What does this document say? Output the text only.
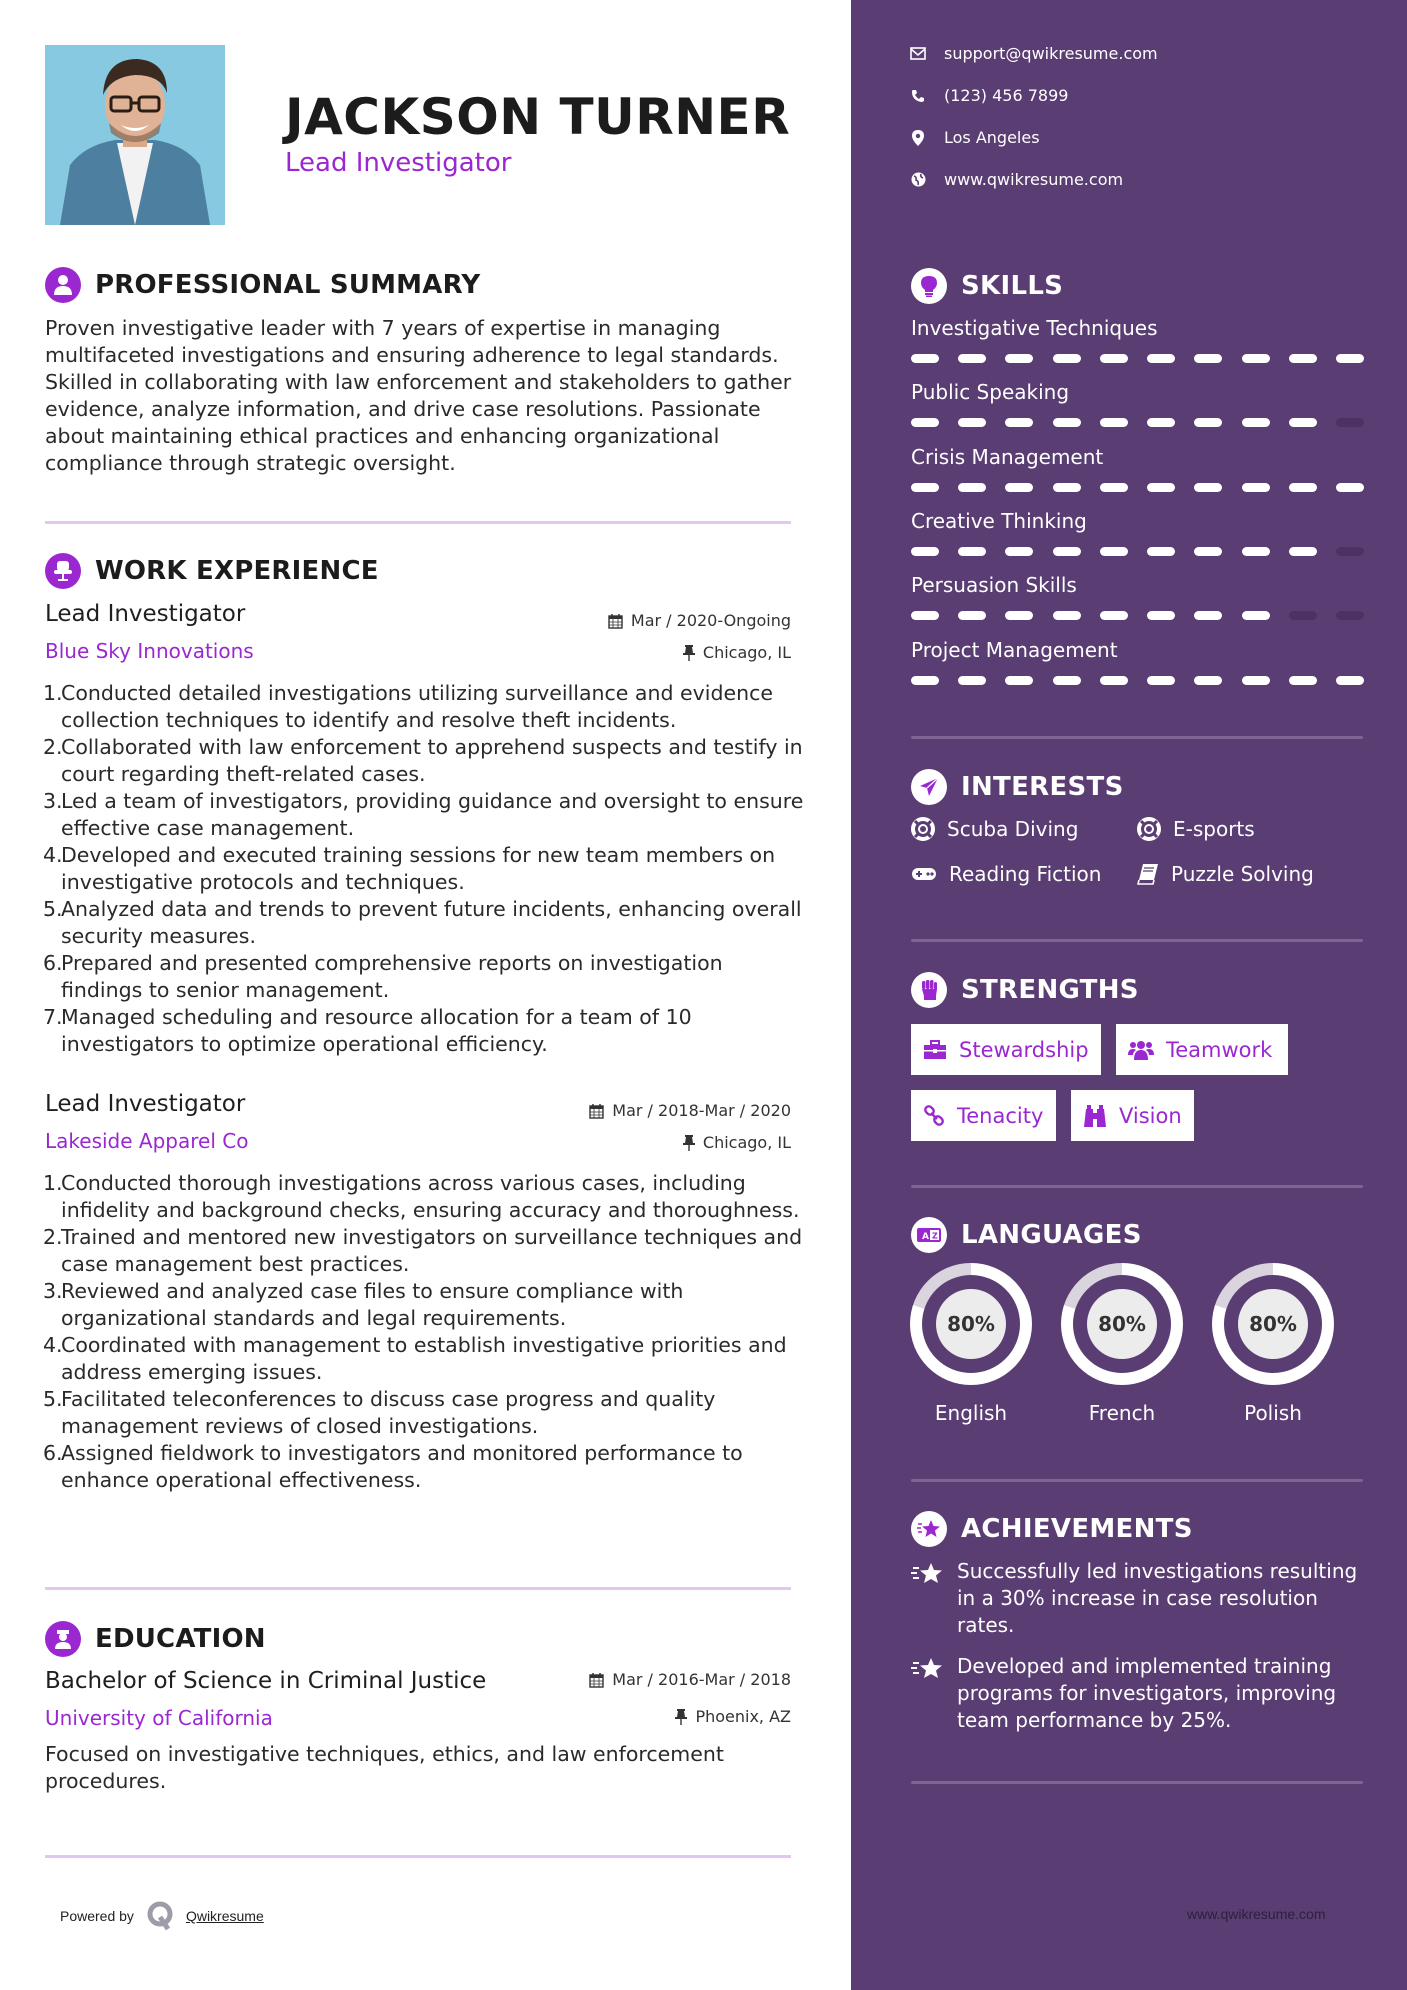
JACKSON TURNER
Lead Investigator
PROFESSIONAL SUMMARY
Proven investigative leader with 7 years of expertise in managing multifaceted investigations and ensuring adherence to legal standards. Skilled in collaborating with law enforcement and stakeholders to gather evidence, analyze information, and drive case resolutions. Passionate about maintaining ethical practices and enhancing organizational compliance through strategic oversight.
WORK EXPERIENCE
Lead Investigator	Mar / 2020-Ongoing
Blue Sky Innovations	Chicago, IL
1.
Conducted detailed investigations utilizing surveillance and evidence collection techniques to identify and resolve theft incidents.
2.
Collaborated with law enforcement to apprehend suspects and testify in court regarding theft-related cases.
3.
Led a team of investigators, providing guidance and oversight to ensure effective case management.
4.
Developed and executed training sessions for new team members on investigative protocols and techniques.
5.
Analyzed data and trends to prevent future incidents, enhancing overall security measures.
6.
Prepared and presented comprehensive reports on investigation findings to senior management.
7.
Managed scheduling and resource allocation for a team of 10 investigators to optimize operational efficiency.
Lead Investigator	Mar / 2018-Mar / 2020
Lakeside Apparel Co	Chicago, IL
1.
Conducted thorough investigations across various cases, including infidelity and background checks, ensuring accuracy and thoroughness.
2.
Trained and mentored new investigators on surveillance techniques and case management best practices.
3.
Reviewed and analyzed case files to ensure compliance with organizational standards and legal requirements.
4.
Coordinated with management to establish investigative priorities and address emerging issues.
5.
Facilitated teleconferences to discuss case progress and quality management reviews of closed investigations.
6.
Assigned fieldwork to investigators and monitored performance to enhance operational effectiveness.
EDUCATION
Bachelor of Science in Criminal Justice	Mar / 2016-Mar / 2018
University of California	Phoenix, AZ
Focused on investigative techniques, ethics, and law enforcement procedures.
Powered by	Qwikresume
support@qwikresume.com
(123) 456 7899
Los Angeles
www.qwikresume.com
SKILLS
Investigative Techniques
Public Speaking
Crisis Management
Creative Thinking
Persuasion Skills
Project Management
INTERESTS
Scuba Diving	E-sports
Reading Fiction	Puzzle Solving
STRENGTHS
Stewardship	Teamwork
Tenacity	Vision
A Z LANGUAGES
80%
English
80%
French
80%
Polish
ACHIEVEMENTS
Successfully led investigations resulting in a 30% increase in case resolution rates.
Developed and implemented training programs for investigators, improving team performance by 25%.
www.qwikresume.com
